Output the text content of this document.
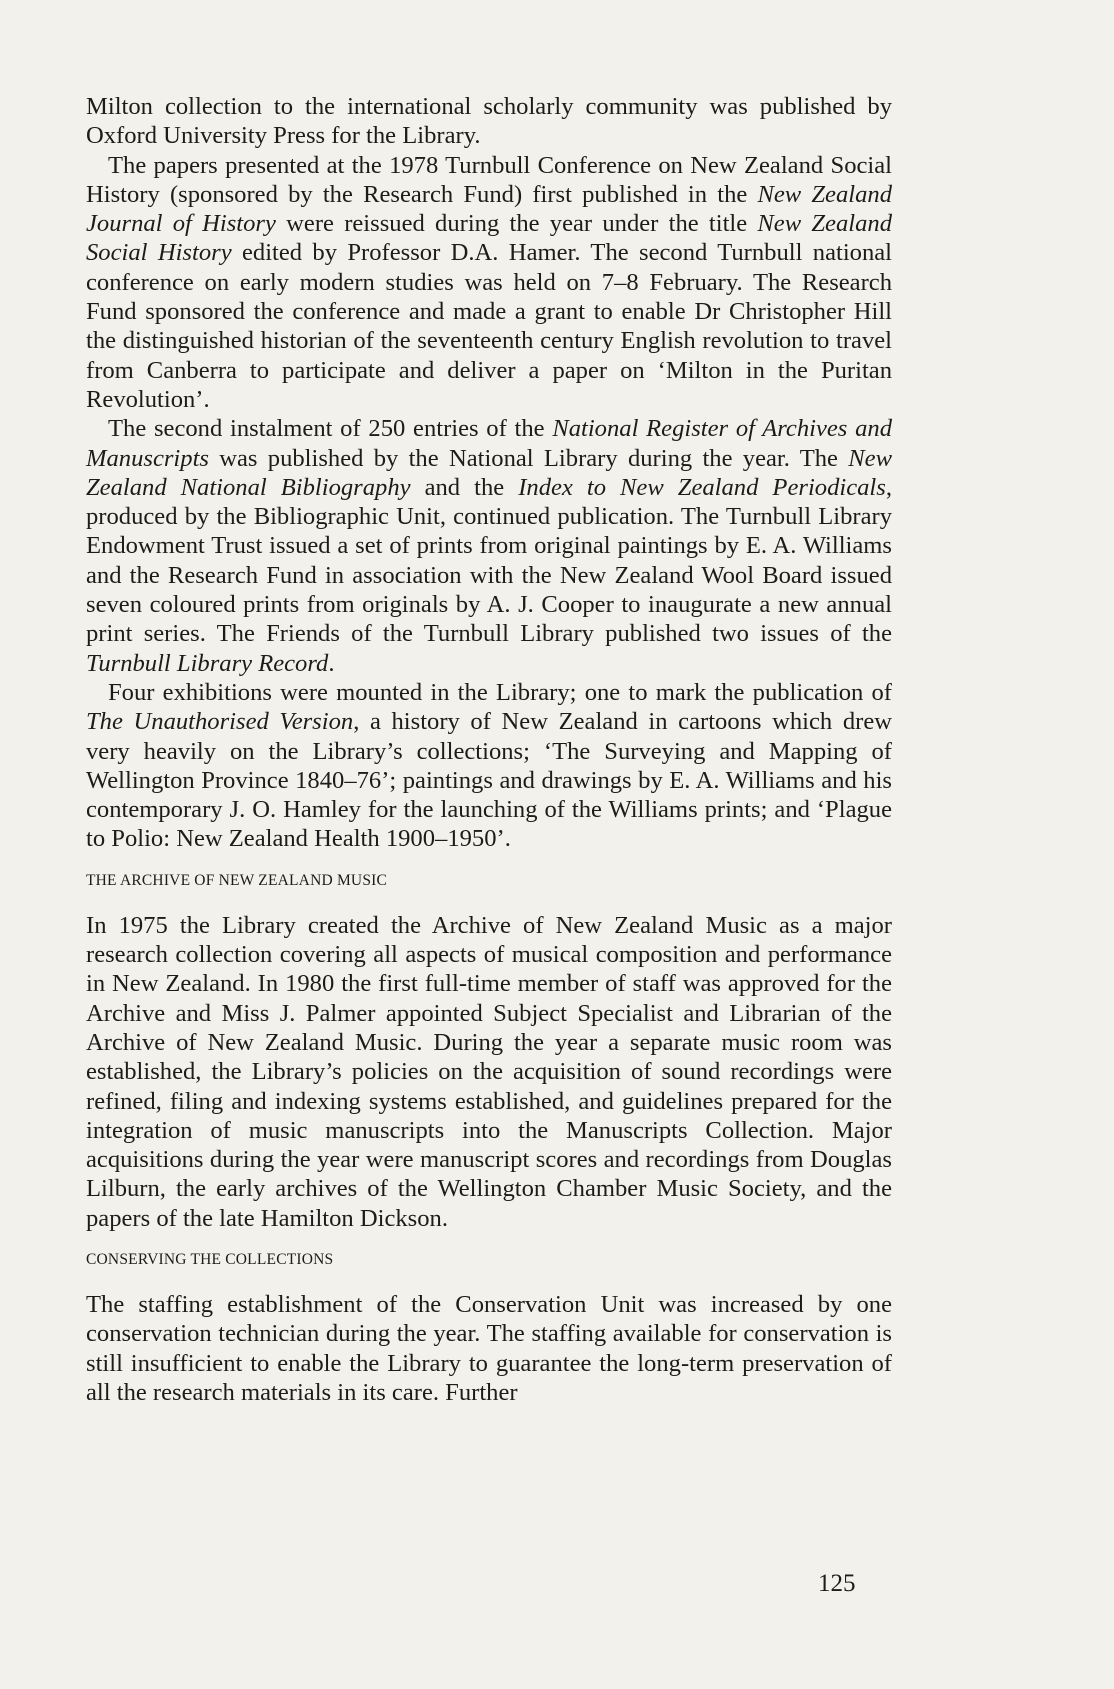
Milton collection to the international scholarly community was published by Oxford University Press for the Library.

The papers presented at the 1978 Turnbull Conference on New Zealand Social History (sponsored by the Research Fund) first published in the New Zealand Journal of History were reissued during the year under the title New Zealand Social History edited by Professor D.A. Hamer. The second Turnbull national conference on early modern studies was held on 7–8 February. The Research Fund sponsored the conference and made a grant to enable Dr Christopher Hill the distinguished historian of the seventeenth century English revolution to travel from Canberra to participate and deliver a paper on ‘Milton in the Puritan Revolution’.

The second instalment of 250 entries of the National Register of Archives and Manuscripts was published by the National Library during the year. The New Zealand National Bibliography and the Index to New Zealand Periodicals, produced by the Bibliographic Unit, continued publication. The Turnbull Library Endowment Trust issued a set of prints from original paintings by E. A. Williams and the Research Fund in association with the New Zealand Wool Board issued seven coloured prints from originals by A. J. Cooper to inaugurate a new annual print series. The Friends of the Turnbull Library published two issues of the Turnbull Library Record.

Four exhibitions were mounted in the Library; one to mark the publication of The Unauthorised Version, a history of New Zealand in cartoons which drew very heavily on the Library’s collections; ‘The Surveying and Mapping of Wellington Province 1840–76’; paintings and drawings by E. A. Williams and his contemporary J. O. Hamley for the launching of the Williams prints; and ‘Plague to Polio: New Zealand Health 1900–1950’.

THE ARCHIVE OF NEW ZEALAND MUSIC

In 1975 the Library created the Archive of New Zealand Music as a major research collection covering all aspects of musical composition and performance in New Zealand. In 1980 the first full-time member of staff was approved for the Archive and Miss J. Palmer appointed Subject Specialist and Librarian of the Archive of New Zealand Music. During the year a separate music room was established, the Library’s policies on the acquisition of sound recordings were refined, filing and indexing systems established, and guidelines prepared for the integration of music manuscripts into the Manuscripts Collection. Major acquisitions during the year were manuscript scores and recordings from Douglas Lilburn, the early archives of the Wellington Chamber Music Society, and the papers of the late Hamilton Dickson.

CONSERVING THE COLLECTIONS

The staffing establishment of the Conservation Unit was increased by one conservation technician during the year. The staffing available for conservation is still insufficient to enable the Library to guarantee the long-term preservation of all the research materials in its care. Further

125
